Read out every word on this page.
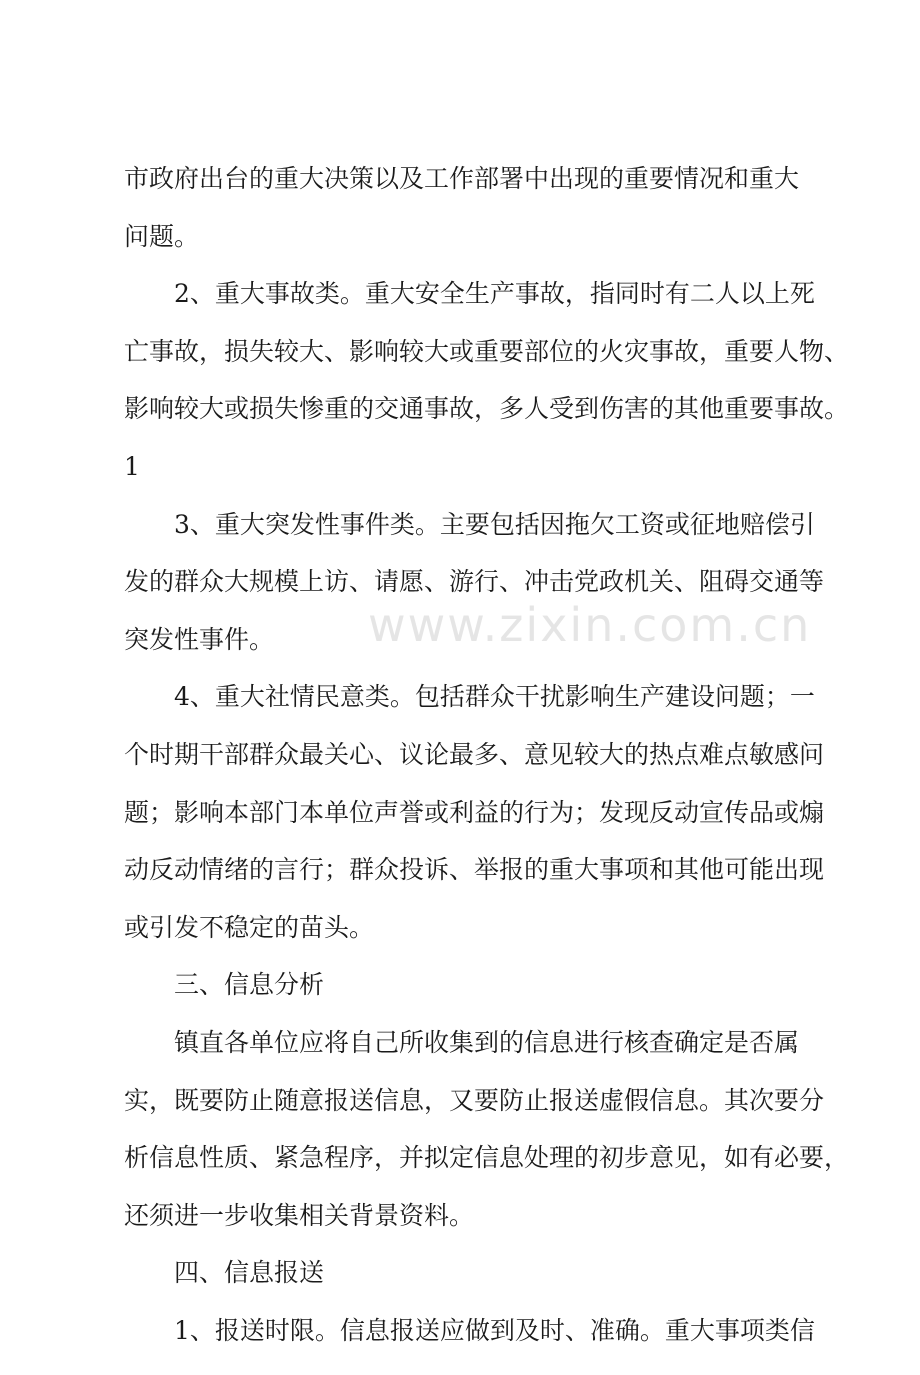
市政府出台的重大决策以及工作部署中出现的重要情况和重大
问题。
2、重大事故类。重大安全生产事故，指同时有二人以上死
亡事故，损失较大、影响较大或重要部位的火灾事故，重要人物、
影响较大或损失惨重的交通事故，多人受到伤害的其他重要事故。
1
3、重大突发性事件类。主要包括因拖欠工资或征地赔偿引
发的群众大规模上访、请愿、游行、冲击党政机关、阻碍交通等
突发性事件。
4、重大社情民意类。包括群众干扰影响生产建设问题；一
个时期干部群众最关心、议论最多、意见较大的热点难点敏感问
题；影响本部门本单位声誉或利益的行为；发现反动宣传品或煽
动反动情绪的言行；群众投诉、举报的重大事项和其他可能出现
或引发不稳定的苗头。
三、信息分析
镇直各单位应将自己所收集到的信息进行核查确定是否属
实，既要防止随意报送信息，又要防止报送虚假信息。其次要分
析信息性质、紧急程序，并拟定信息处理的初步意见，如有必要，
还须进一步收集相关背景资料。
四、信息报送
1、报送时限。信息报送应做到及时、准确。重大事项类信
www.zixin.com.cn
